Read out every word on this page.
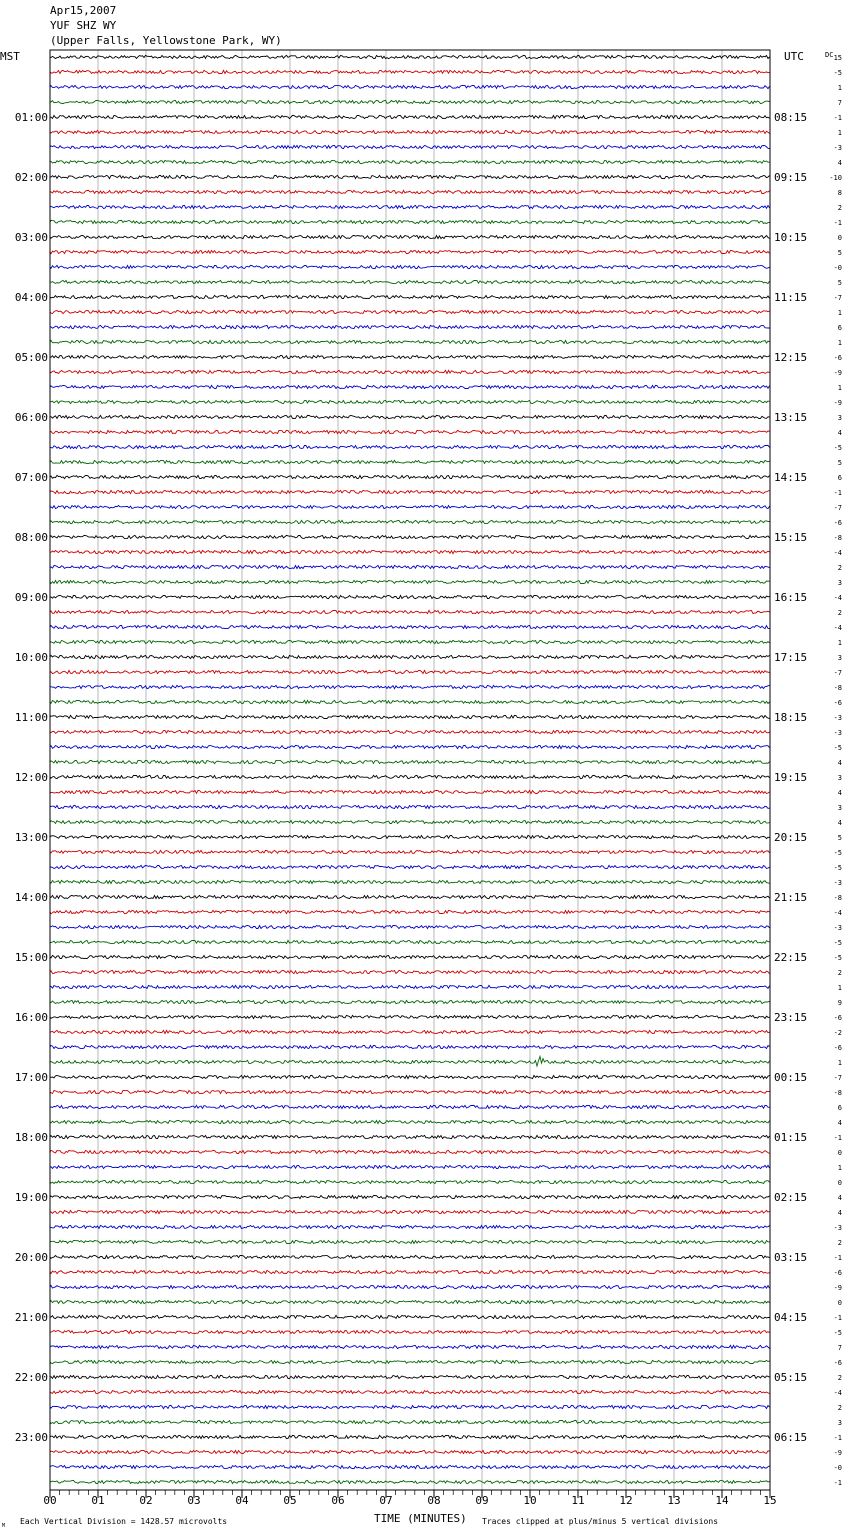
Apr15,2007
YUF SHZ WY
(Upper Falls, Yellowstone Park, WY)
00	01	02	03	04	05	06	07	08	09	10	11	12	13	14	15
15
-5
1
7
-1
1
-3
4
-10
8
2
-1
0
5
-0
5
-7
1
6
1
-6
-9
1
-9
3
4
-5
5
6
-1
-7
-6
-8
-4
2
3
-4
2
-4
1
3
-7
-8
-6
-3
-3
-5
4
3
4
3
4
5
-5
-5
-3
-8
-4
-3
-5
-5
2
1
9
-6
-2
-6
1
-7
-8
6
4
-1
0
1
0
4
4
-3
2
-1
-6
-9
0
-1
-5
7
-6
2
-4
2
3
-1
-9
-0
-1
01:00
02:00
03:00
04:00
05:00
06:00
07:00
08:00
09:00
10:00
11:00
12:00
13:00
14:00
15:00
16:00
17:00
18:00
19:00
20:00
21:00
22:00
23:00
08:15
09:15
10:15
11:15
12:15
13:15
14:15
15:15
16:15
17:15
18:15
19:15
20:15
21:15
22:15
23:15
00:15
01:15
02:15
03:15
04:15
05:15
06:15
MST	UTC	DC
M
TIME (MINUTES)
Each Vertical Division = 1428.57 microvolts	Traces clipped at plus/minus 5 vertical divisions
